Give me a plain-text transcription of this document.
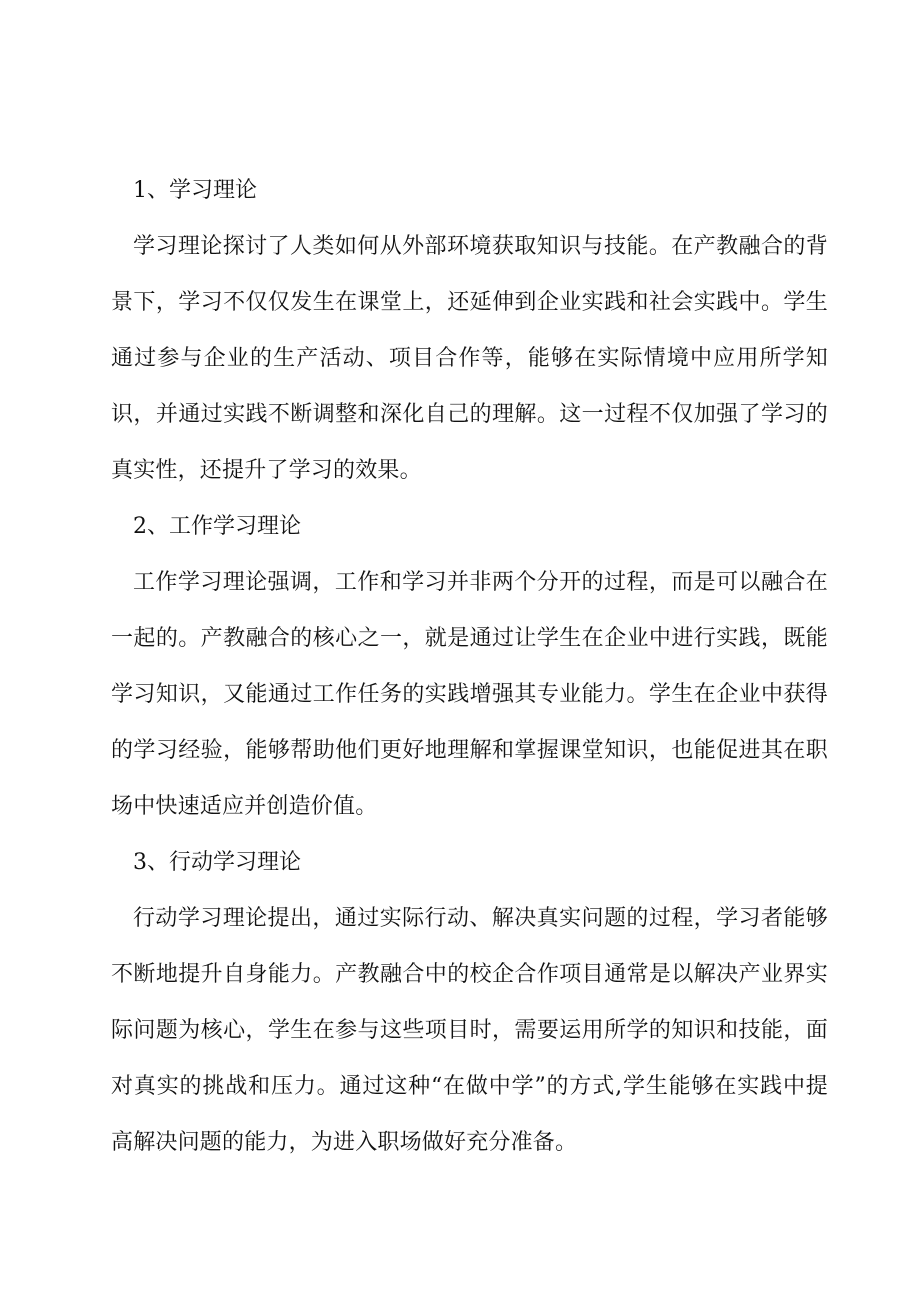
1、学习理论

学习理论探讨了人类如何从外部环境获取知识与技能。在产教融合的背景下，学习不仅仅发生在课堂上，还延伸到企业实践和社会实践中。学生通过参与企业的生产活动、项目合作等，能够在实际情境中应用所学知识，并通过实践不断调整和深化自己的理解。这一过程不仅加强了学习的真实性，还提升了学习的效果。

2、工作学习理论

工作学习理论强调，工作和学习并非两个分开的过程，而是可以融合在一起的。产教融合的核心之一，就是通过让学生在企业中进行实践，既能学习知识，又能通过工作任务的实践增强其专业能力。学生在企业中获得的学习经验，能够帮助他们更好地理解和掌握课堂知识，也能促进其在职场中快速适应并创造价值。

3、行动学习理论

行动学习理论提出，通过实际行动、解决真实问题的过程，学习者能够不断地提升自身能力。产教融合中的校企合作项目通常是以解决产业界实际问题为核心，学生在参与这些项目时，需要运用所学的知识和技能，面对真实的挑战和压力。通过这种“在做中学”的方式,学生能够在实践中提高解决问题的能力，为进入职场做好充分准备。
